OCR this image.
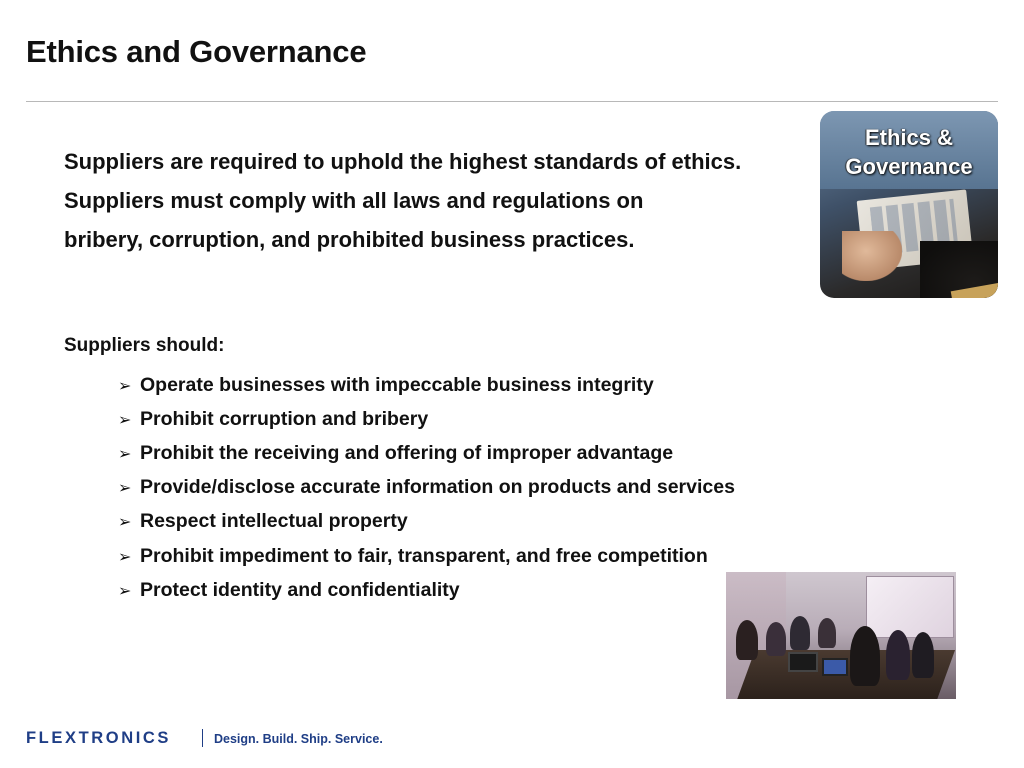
Ethics and Governance
Suppliers are required to uphold the highest standards of ethics.
Suppliers must comply with all laws and regulations on
bribery, corruption, and prohibited business practices.
Ethics &
Governance
Suppliers should:
➢ Operate businesses with impeccable business integrity
➢ Prohibit corruption and bribery
➢ Prohibit the receiving and offering of improper advantage
➢ Provide/disclose accurate information on products and services
➢ Respect intellectual property
➢ Prohibit impediment to fair, transparent, and free competition
➢ Protect identity and confidentiality
FLEXTRONICS	Design. Build. Ship. Service.
